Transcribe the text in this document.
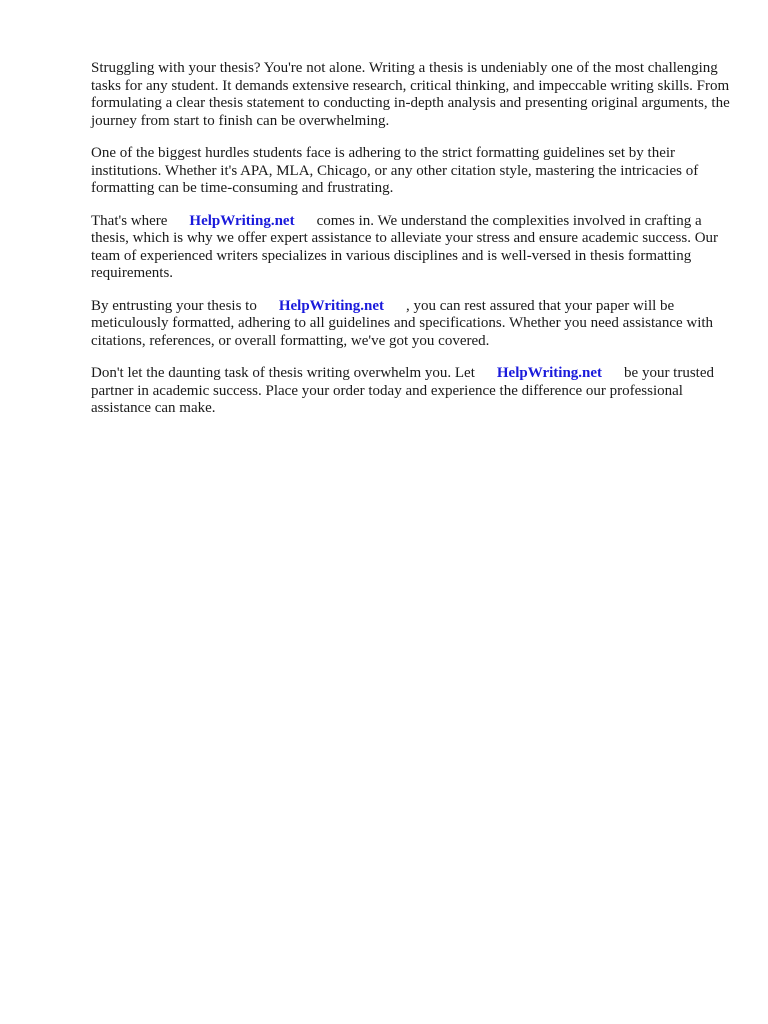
Struggling with your thesis? You're not alone. Writing a thesis is undeniably one of the most challenging tasks for any student. It demands extensive research, critical thinking, and impeccable writing skills. From formulating a clear thesis statement to conducting in-depth analysis and presenting original arguments, the journey from start to finish can be overwhelming.

One of the biggest hurdles students face is adhering to the strict formatting guidelines set by their institutions. Whether it's APA, MLA, Chicago, or any other citation style, mastering the intricacies of formatting can be time-consuming and frustrating.

That's where HelpWriting.net comes in. We understand the complexities involved in crafting a thesis, which is why we offer expert assistance to alleviate your stress and ensure academic success. Our team of experienced writers specializes in various disciplines and is well-versed in thesis formatting requirements.

By entrusting your thesis to HelpWriting.net , you can rest assured that your paper will be meticulously formatted, adhering to all guidelines and specifications. Whether you need assistance with citations, references, or overall formatting, we've got you covered.

Don't let the daunting task of thesis writing overwhelm you. Let HelpWriting.net be your trusted partner in academic success. Place your order today and experience the difference our professional assistance can make.
